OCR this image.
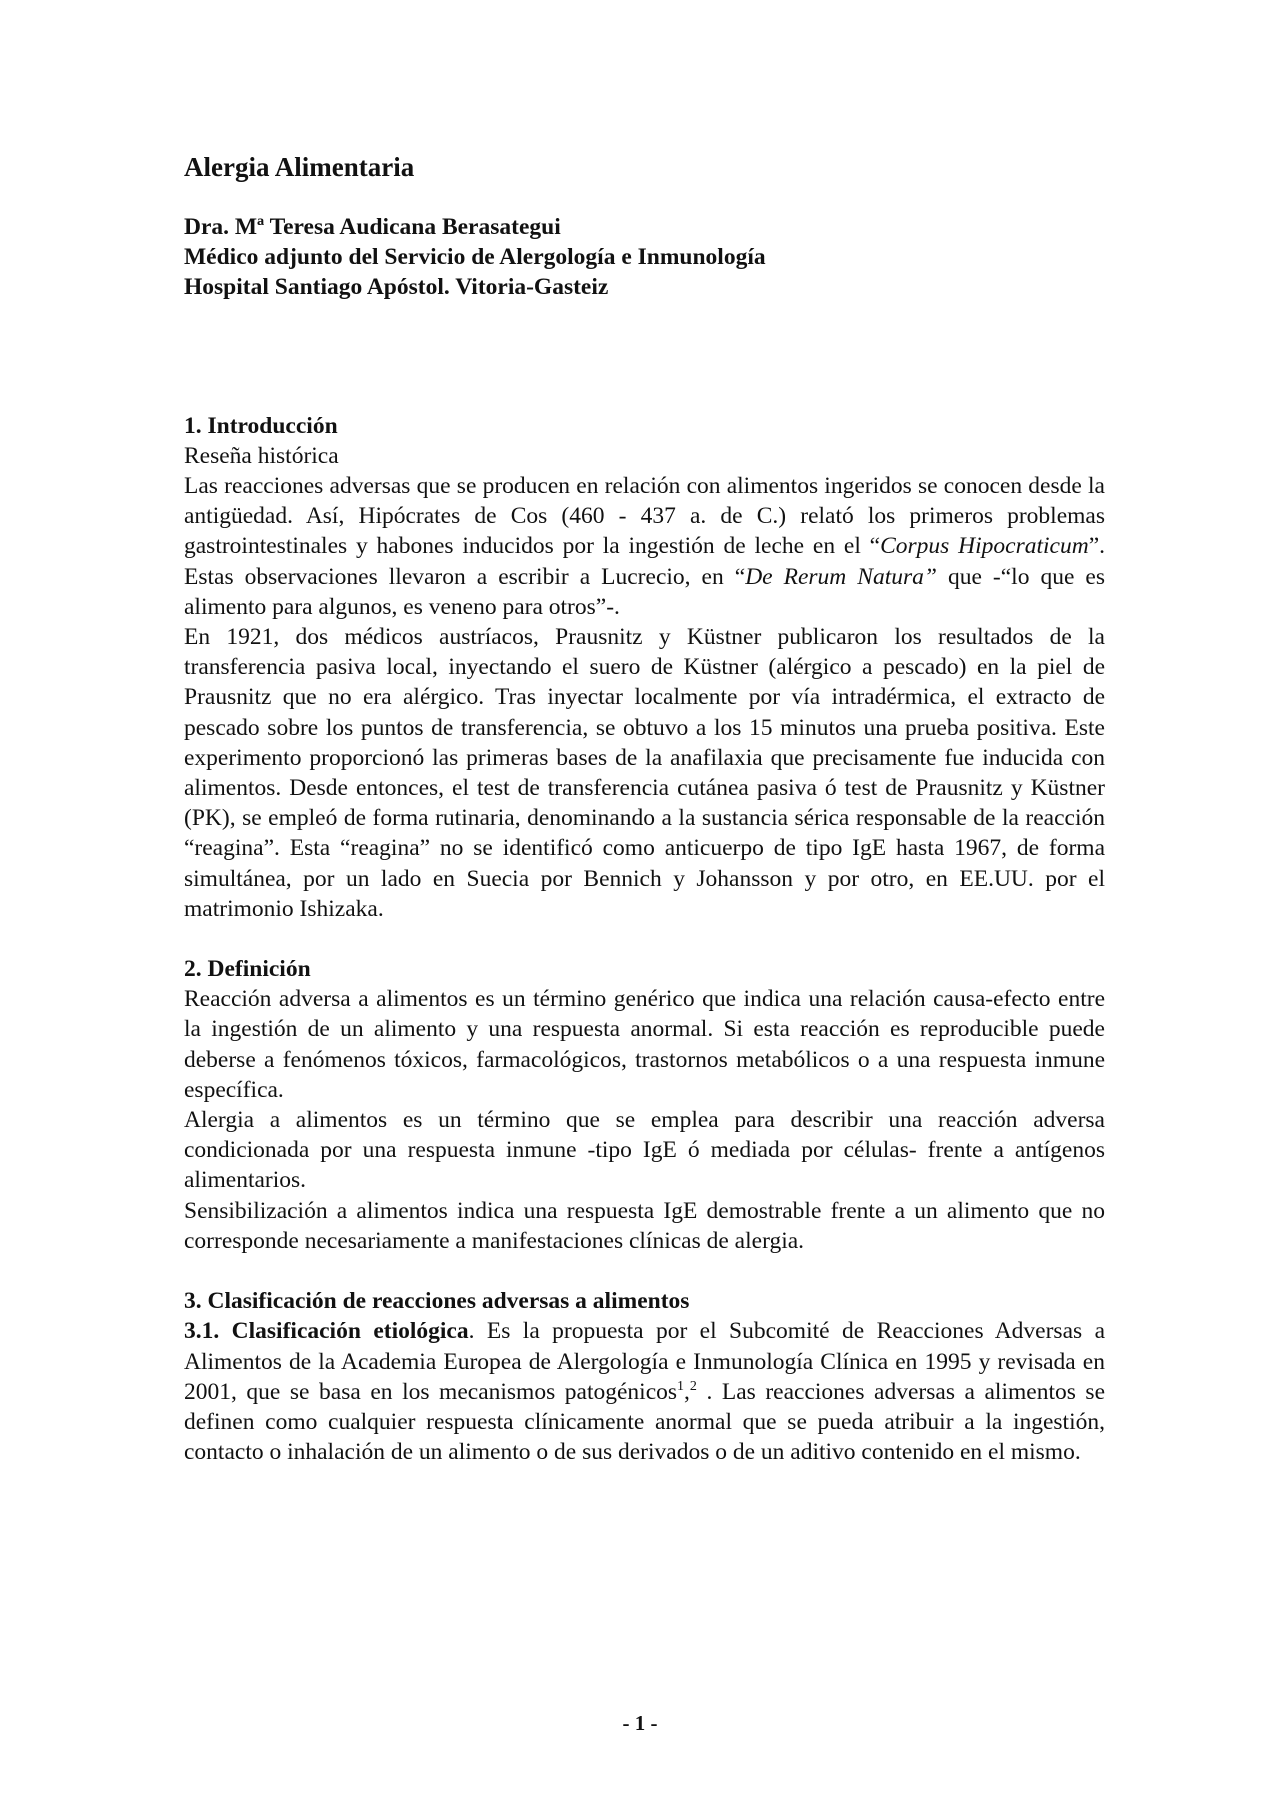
Alergia Alimentaria
Dra. Mª Teresa Audicana Berasategui
Médico adjunto del Servicio de Alergología e Inmunología
Hospital Santiago Apóstol. Vitoria-Gasteiz
1. Introducción
Reseña histórica

Las reacciones adversas que se producen en relación con alimentos ingeridos se conocen desde la antigüedad. Así, Hipócrates de Cos (460 - 437 a. de C.) relató los primeros problemas gastrointestinales y habones inducidos por la ingestión de leche en el “Corpus Hipocraticum”. Estas observaciones llevaron a escribir a Lucrecio, en “De Rerum Natura” que -“lo que es alimento para algunos, es veneno para otros”-.

En 1921, dos médicos austríacos, Prausnitz y Küstner publicaron los resultados de la transferencia pasiva local, inyectando el suero de Küstner (alérgico a pescado) en la piel de Prausnitz que no era alérgico. Tras inyectar localmente por vía intradérmica, el extracto de pescado sobre los puntos de transferencia, se obtuvo a los 15 minutos una prueba positiva. Este experimento proporcionó las primeras bases de la anafilaxia que precisamente fue inducida con alimentos. Desde entonces, el test de transferencia cutánea pasiva ó test de Prausnitz y Küstner (PK), se empleó de forma rutinaria, denominando a la sustancia sérica responsable de la reacción “reagina”. Esta “reagina” no se identificó como anticuerpo de tipo IgE hasta 1967, de forma simultánea, por un lado en Suecia por Bennich y Johansson y por otro, en EE.UU. por el matrimonio Ishizaka.

2. Definición

Reacción adversa a alimentos es un término genérico que indica una relación causa-efecto entre la ingestión de un alimento y una respuesta anormal. Si esta reacción es reproducible puede deberse a fenómenos tóxicos, farmacológicos, trastornos metabólicos o a una respuesta inmune específica.

Alergia a alimentos es un término que se emplea para describir una reacción adversa condicionada por una respuesta inmune -tipo IgE ó mediada por células- frente a antígenos alimentarios.

Sensibilización a alimentos indica una respuesta IgE demostrable frente a un alimento que no corresponde necesariamente a manifestaciones clínicas de alergia.

3. Clasificación de reacciones adversas a alimentos

3.1. Clasificación etiológica. Es la propuesta por el Subcomité de Reacciones Adversas a Alimentos de la Academia Europea de Alergología e Inmunología Clínica en 1995 y revisada en 2001, que se basa en los mecanismos patogénicos$^1$,$^2$ . Las reacciones adversas a alimentos se definen como cualquier respuesta clínicamente anormal que se pueda atribuir a la ingestión, contacto o inhalación de un alimento o de sus derivados o de un aditivo contenido en el mismo.

- 1 -
